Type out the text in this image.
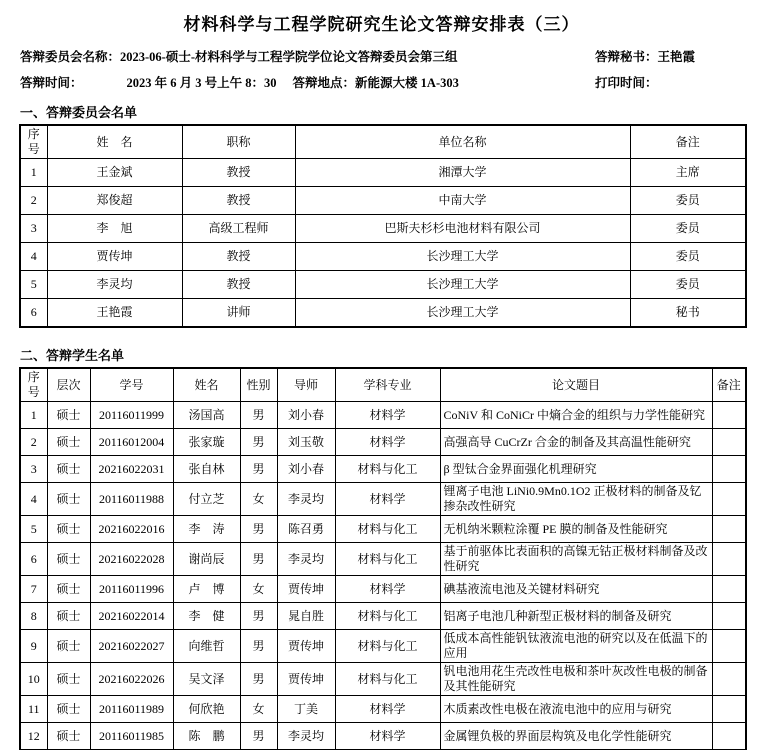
材料科学与工程学院研究生论文答辩安排表（三）
答辩委员会名称：2023-06-硕士-材料科学与工程学院学位论文答辩委员会第三组	答辩秘书：王艳霞
答辩时间：	2023 年 6 月 3 号上午 8：30 答辩地点：新能源大楼 1A-303	打印时间：
一、答辩委员会名单
序号	姓　名	职称	单位名称	备注
1	王金斌	教授	湘潭大学	主席
2	郑俊超	教授	中南大学	委员
3	李　旭	高级工程师	巴斯夫杉杉电池材料有限公司	委员
4	贾传坤	教授	长沙理工大学	委员
5	李灵均	教授	长沙理工大学	委员
6	王艳霞	讲师	长沙理工大学	秘书
二、答辩学生名单
序号	层次	学号	姓名	性别	导师	学科专业	论文题目	备注
1	硕士	20116011999	汤国高	男	刘小春	材料学	CoNiV 和 CoNiCr 中熵合金的组织与力学性能研究	
2	硕士	20116012004	张家璇	男	刘玉敬	材料学	高强高导 CuCrZr 合金的制备及其高温性能研究	
3	硕士	20216022031	张自林	男	刘小春	材料与化工	β 型钛合金界面强化机理研究	
4	硕士	20116011988	付立芝	女	李灵均	材料学	锂离子电池 LiNi0.9Mn0.1O2 正极材料的制备及钇掺杂改性研究	
5	硕士	20216022016	李　涛	男	陈召勇	材料与化工	无机纳米颗粒涂覆 PE 膜的制备及性能研究	
6	硕士	20216022028	谢尚辰	男	李灵均	材料与化工	基于前驱体比表面积的高镍无钴正极材料制备及改性研究	
7	硕士	20116011996	卢　博	女	贾传坤	材料学	碘基液流电池及关键材料研究	
8	硕士	20216022014	李　健	男	晁自胜	材料与化工	铝离子电池几种新型正极材料的制备及研究	
9	硕士	20216022027	向维哲	男	贾传坤	材料与化工	低成本高性能钒钛液流电池的研究以及在低温下的应用	
10	硕士	20216022026	吴文泽	男	贾传坤	材料与化工	钒电池用花生壳改性电极和茶叶灰改性电极的制备及其性能研究	
11	硕士	20116011989	何欣艳	女	丁美	材料学	木质素改性电极在液流电池中的应用与研究	
12	硕士	20116011985	陈　鹏	男	李灵均	材料学	金属锂负极的界面层构筑及电化学性能研究	
